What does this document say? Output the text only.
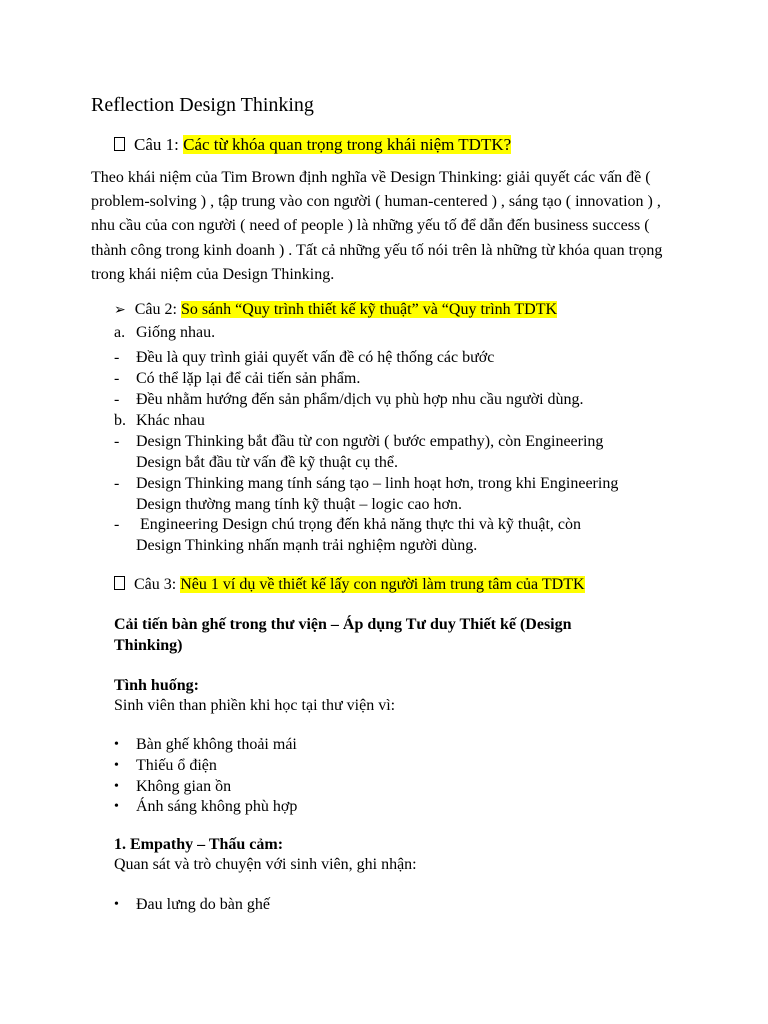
Reflection Design Thinking
Câu 1: Các từ khóa quan trọng trong khái niệm TDTK?
Theo khái niệm của Tim Brown định nghĩa về Design Thinking: giải quyết các vấn đề ( problem-solving ) , tập trung vào con người ( human-centered ) , sáng tạo ( innovation ) , nhu cầu của con người ( need of people ) là những yếu tố để dẫn đến business success ( thành công trong kinh doanh ) . Tất cả những yếu tố nói trên là những từ khóa quan trọng trong khái niệm của Design Thinking.
➢ Câu 2: So sánh “Quy trình thiết kế kỹ thuật” và “Quy trình TDTK
a. Giống nhau.
- Đều là quy trình giải quyết vấn đề có hệ thống các bước
- Có thể lặp lại để cải tiến sản phẩm.
- Đều nhằm hướng đến sản phẩm/dịch vụ phù hợp nhu cầu người dùng.
b. Khác nhau
- Design Thinking bắt đầu từ con người ( bước empathy), còn Engineering
Design bắt đầu từ vấn đề kỹ thuật cụ thể.
- Design Thinking mang tính sáng tạo – linh hoạt hơn, trong khi Engineering
Design thường mang tính kỹ thuật – logic cao hơn.
- Engineering Design chú trọng đến khả năng thực thi và kỹ thuật, còn
Design Thinking nhấn mạnh trải nghiệm người dùng.
Câu 3: Nêu 1 ví dụ về thiết kế lấy con người làm trung tâm của TDTK
Cải tiến bàn ghế trong thư viện – Áp dụng Tư duy Thiết kế (Design
Thinking)
Tình huống:
Sinh viên than phiền khi học tại thư viện vì:
• Bàn ghế không thoải mái
• Thiếu ổ điện
• Không gian ồn
• Ánh sáng không phù hợp
1. Empathy – Thấu cảm:
Quan sát và trò chuyện với sinh viên, ghi nhận:
• Đau lưng do bàn ghế
